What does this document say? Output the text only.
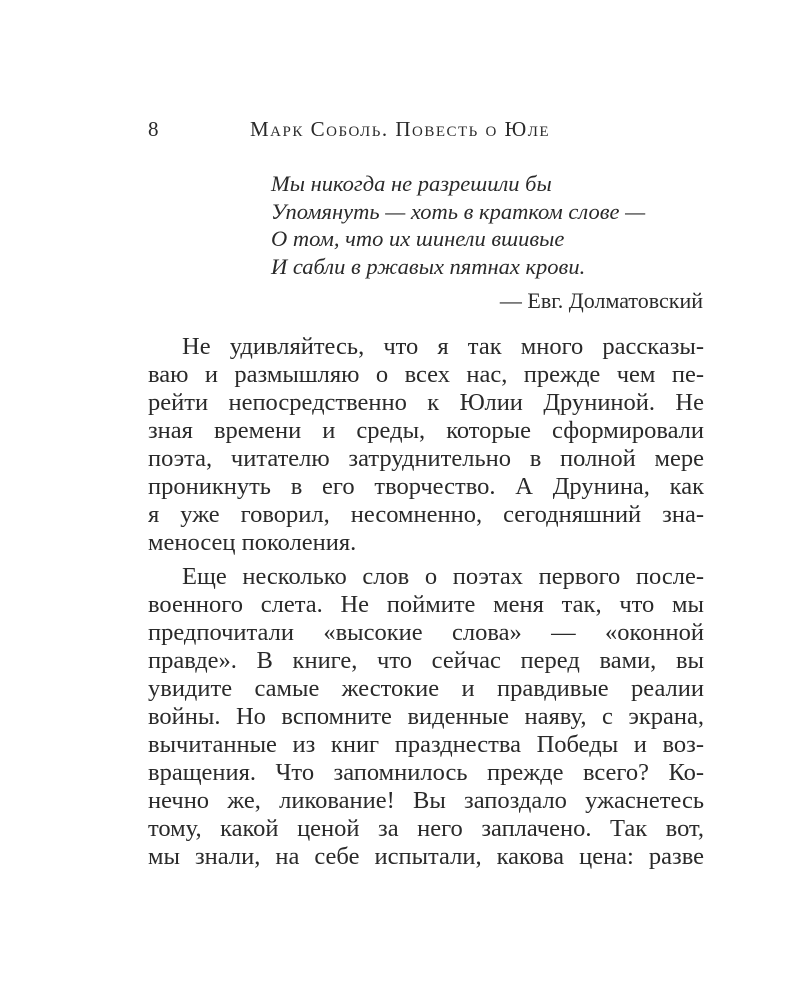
8	Марк Соболь. Повесть о Юле
Мы никогда не разрешили бы
Упомянуть — хоть в кратком слове —
О том, что их шинели вшивые
И сабли в ржавых пятнах крови.
— Евг. Долматовский
Не удивляйтесь, что я так много рассказы-
ваю и размышляю о всех нас, прежде чем пе-
рейти непосредственно к Юлии Друниной. Не
зная времени и среды, которые сформировали
поэта, читателю затруднительно в полной мере
проникнуть в его творчество. А Друнина, как
я уже говорил, несомненно, сегодняшний зна-
меносец поколения.
Еще несколько слов о поэтах первого после-
военного слета. Не поймите меня так, что мы
предпочитали «высокие слова» — «оконной
правде». В книге, что сейчас перед вами, вы
увидите самые жестокие и правдивые реалии
войны. Но вспомните виденные наяву, с экрана,
вычитанные из книг празднества Победы и воз-
вращения. Что запомнилось прежде всего? Ко-
нечно же, ликование! Вы запоздало ужаснетесь
тому, какой ценой за него заплачено. Так вот,
мы знали, на себе испытали, какова цена: разве
